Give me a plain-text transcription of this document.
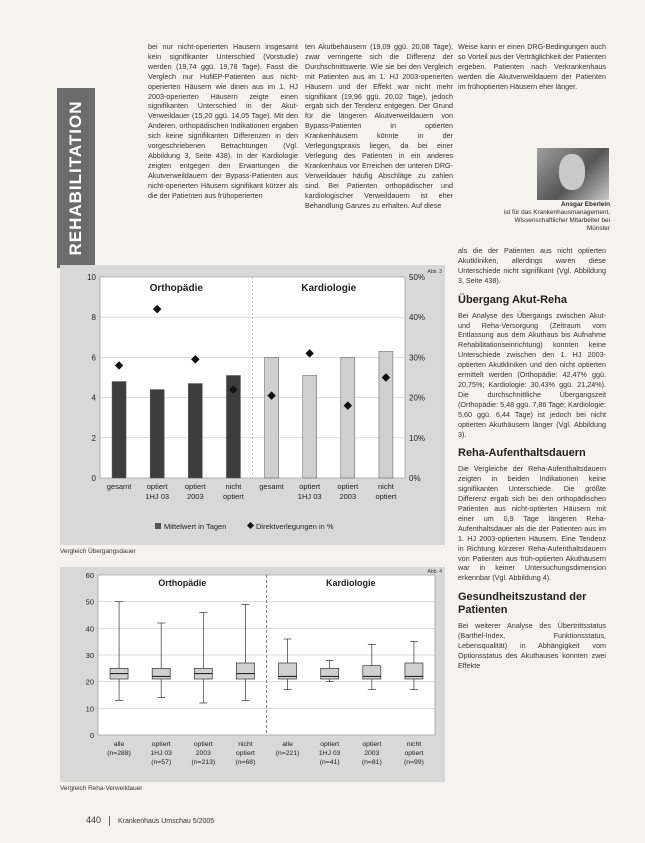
REHABILITATION

bei nur nicht-operierten Hausern insgesamt kein signifikanter Unterschied (Vorstudie) werden (19,74 ggü. 19,78 Tage). Fasst die Verglech nur HufiEP-Patienten aus nicht-operierten Häusern wie dinen aus im 1. HJ 2003-operierten Häusern zeigte einen signifikanten Unterschied in der Akut-Verweildauer (15,20 ggü. 14,05 Tage). Mit den Anderen, orthopädischen Indikationen ergaben sich keine signifikanten Differenzen in den vorgeschriebenen Betrachtungen (Vgl. Abbildung 3, Seite 438). In der Kardiologie zeigten entgegen den Erwartungen die Akutverweildauern der Bypass-Patienten aus nicht-operierten Häusern signifikant kürzer als die der Patienten aus frühoperierten

ten Akutbehäusern (19,09 ggü. 20,08 Tage), zwar verringerte sich die Differenz der Durchschnittswerte. Wie sie bei den Vergleich mit Patienten aus im 1. HJ 2003-operierten Häusern und der Effekt war nicht mehr signifikant (19,96 ggü. 20,02 Tage), jedoch ergab sich der Tendenz entgegen. Der Grund für die längeren Akutverweildauern von Bypass-Patienten in optierten Krankenhäusern könnte in der Verlegungspraxis liegen, da bei einer Verlegung des Patienten in ein anderes Krankenhaus vor Erreichen der unteren DRG-Verweildauer häufig Abschläge zu zahlen sind. Bei Patienten orthopädischer und kardiologischer Verweildauern ist eher Behandlung Ganzes zu erhalten. Auf diese

Weise kann er einen DRG-Bedingungen auch so Vorteil aus der Verträglichkeit der Patienten ergeben. Patienten nach Verkrankenhaus werden die Akutverweildauern der Patienten im frühoptierten Häusern eher länger.

Ansgar Eberlein
ist für das Krankenhausmanagement,
Wissenschaftlicher Mitarbeiter bei
Münster

als die der Patienten aus nicht optierten Akutkliniken, allerdings waren diese Unterschiede nicht signifikant (Vgl. Abbildung 3, Seite 438).

Übergang Akut-Reha

Bei Analyse des Übergangs zwischen Akut- und Reha-Versorgung (Zeitraum vom Entlassung aus dem Akuthaus bis Aufnahme Rehabilitationseinrichtung) konnten keine Unterschiede zwischen den 1. HJ 2003-optierten Akutkliniken und den nicht optierten ermittelt werden (Orthopädie: 42,47% ggü. 20,75%; Kardiologie: 30,43% ggü. 21,24%). Die durchschnittliche Übergangszeit (Orthopädie: 5,48 ggü. 7,86 Tage; Kardiologie: 5,60 ggü. 6,44 Tage) ist jedoch bei nicht optierten Akuthäusern länger (Vgl. Abbildung 3).

Reha-Aufenthaltsdauern

Die Vergleiche der Reha-Aufenthaltsdauern zeigten in beiden Indikationen keine signifikanten Unterschiede. Die größte Differenz ergab sich bei den orthopädischen Patienten aus nicht-optierten Häusern mit einer um 0,9 Tage längeren Reha-Aufenthaltsdauer als die der Patienten aus im 1. HJ 2003-optierten Häusern. Eine Tendenz in Richtung kürzerer Reha-Aufenthaltsdauern von Patienten aus früh-optierten Akuthäusern war in keiner Untersuchungsdimension erkennbar (Vgl. Abbildung 4).

Gesundheitszustand der Patienten

Bei weiterer Analyse des Übertrittsstatus (Barthel-Index, Funktionsstatus, Lebensqualität) in Abhängigkeit vom Optionsstatus des Akuthauses konnten zwei Effekte

Abb. 3
0	0%
2	10%
4	20%
6	30%
8	40%
10	50%
Orthopädie
gesamt optiert
1HJ 03
optiert
2003
nicht
optiert
Kardiologie
gesamt optiert
1HJ 03
optiert
2003
nicht
optiert
Mittelwert in Tagen	Direktverlegungen in %
Vergleich Übergangsdauer
Abb. 4
0
10
20
30
40
50
60
Orthopädie	Kardiologie
alle
(n=288)
optiert
1HJ 03
(n=57)
optiert
2003
(n=213)
nicht
optiert
(n=68)
alle
(n=221)
optiert
1HJ 03
(n=41)
optiert
2003
(n=81)
nicht
optiert
(n=99)
Vergleich Reha-Verweildauer
440 Krankenhaus Umschau 5/2005
